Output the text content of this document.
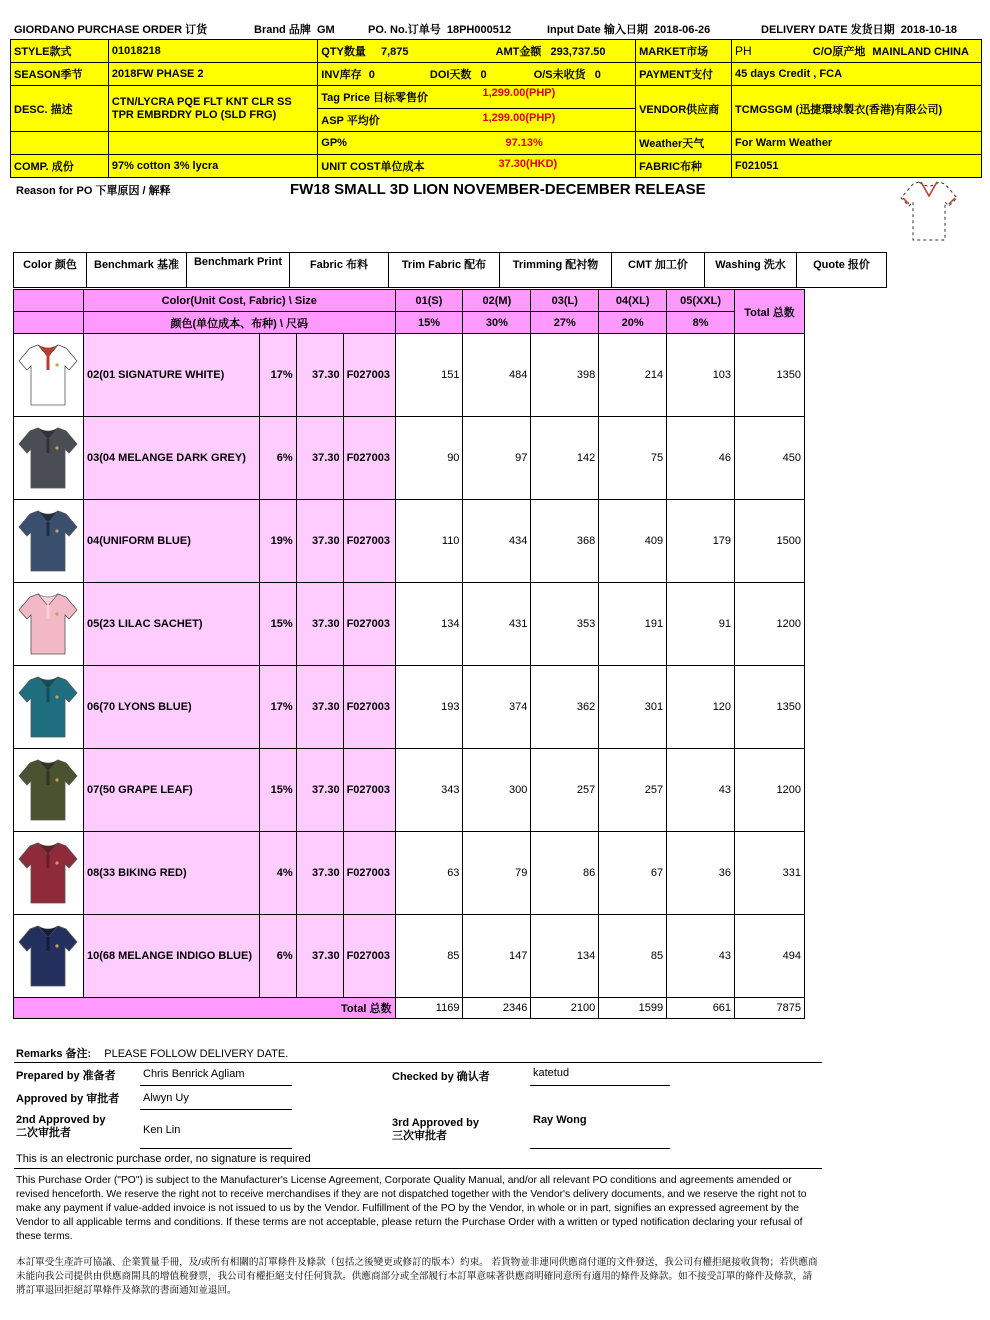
GIORDANO PURCHASE ORDER 订货	Brand 品牌 GM	PO. No.订单号 18PH000512	Input Date 输入日期 2018-06-26	DELIVERY DATE 发货日期 2018-10-18
STYLE款式	01018218	QTY数量 7,875 AMT金额 293,737.50	MARKET市场	PH C/O原产地 MAINLAND CHINA
SEASON季节	2018FW PHASE 2	INV库存 0 DOI天数 0 O/S未收货 0	PAYMENT支付	45 days Credit , FCA
DESC. 描述	CTN/LYCRA PQE FLT KNT CLR SS TPR EMBRDRY PLO (SLD FRG)	Tag Price 目标零售价 1,299.00(PHP)	VENDOR供应商	TCMGSGM (迅捷環球製衣(香港)有限公司)
		ASP 平均价 1,299.00(PHP)		

		GP% 97.13%	Weather天气	For Warm Weather
COMP. 成份	97% cotton 3% lycra	UNIT COST单位成本 37.30(HKD)	FABRIC布种	F021051
Reason for PO 下單原因 / 解释	FW18 SMALL 3D LION NOVEMBER-DECEMBER RELEASE
Color 颜色	Benchmark 基准	Benchmark Print	Fabric 布料	Trim Fabric 配布	Trimming 配衬物	CMT 加工价	Washing 洗水	Quote 报价
	Color(Unit Cost, Fabric) \ Size				01(S)	02(M)	03(L)	04(XL)	05(XXL)	Total 总数
	颜色(单位成本、布种) \ 尺码				15%	30%	27%	20%	8%	

	02(01 SIGNATURE WHITE)	17%	37.30	F027003	151	484	398	214	103	1350

	03(04 MELANGE DARK GREY)	6%	37.30	F027003	90	97	142	75	46	450

	04(UNIFORM BLUE)	19%	37.30	F027003	110	434	368	409	179	1500

	05(23 LILAC SACHET)	15%	37.30	F027003	134	431	353	191	91	1200

	06(70 LYONS BLUE)	17%	37.30	F027003	193	374	362	301	120	1350

	07(50 GRAPE LEAF)	15%	37.30	F027003	343	300	257	257	43	1200

	08(33 BIKING RED)	4%	37.30	F027003	63	79	86	67	36	331

	10(68 MELANGE INDIGO BLUE)	6%	37.30	F027003	85	147	134	85	43	494
Total 总数					1169	2346	2100	1599	661	7875
Remarks 备注: PLEASE FOLLOW DELIVERY DATE.
Prepared by 准备者 Chris Benrick Agliam	Checked by 确认者	katetud
Approved by 审批者 Alwyn Uy
2nd Approved by
二次审批者	Ken Lin
3rd Approved by
三次审批者
Ray Wong
This is an electronic purchase order, no signature is required
This Purchase Order ("PO") is subject to the Manufacturer's License Agreement, Corporate Quality Manual, and/or all relevant PO conditions and agreements amended or revised henceforth. We reserve the right not to receive merchandises if they are not dispatched together with the Vendor's delivery documents, and we reserve the right not to make any payment if value-added invoice is not issued to us by the Vendor. Fulfillment of the PO by the Vendor, in whole or in part, signifies an expressed agreement by the Vendor to all applicable terms and conditions. If these terms are not acceptable, please return the Purchase Order with a written or typed notification declaring your refusal of these terms.
本訂單受生產許可協議、企業質量手冊，及/或所有相關的訂單條件及條款（包括之後變更或修訂的版本）約束。 若貨物並非連同供應商付運的文件發送，我公司有權拒絕接收貨物；若供應商未能向我公司提供由供應商開具的增值稅發票，我公司有權拒絕支付任何貨款。供應商部分或全部履行本訂單意味著供應商明確同意所有適用的條件及條款。如不接受訂單的條件及條款，請將訂單退回拒絕訂單條件及條款的書面通知並退回。
